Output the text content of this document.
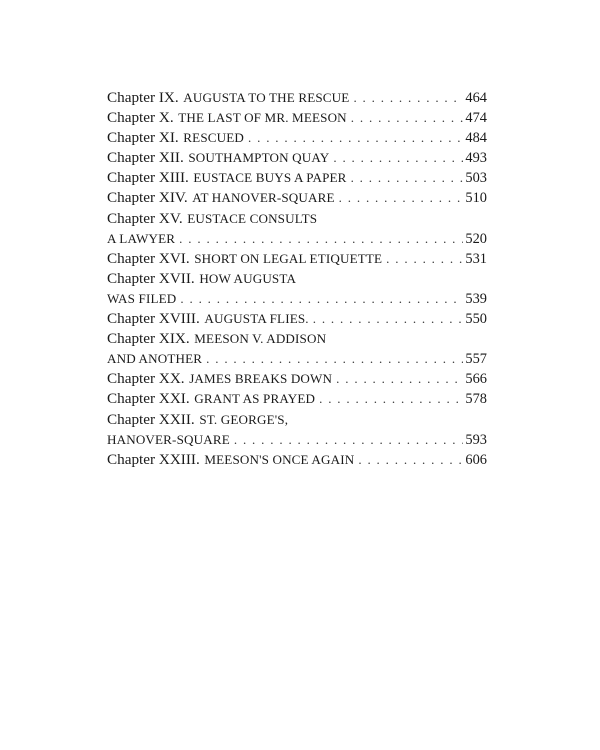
Chapter IX.
AUGUSTA TO THE RESCUE . . .	464
Chapter X.
THE LAST OF MR. MEESON . . .	474
Chapter XI.
RESCUED . . .	484
Chapter XII.
SOUTHAMPTON QUAY . . .	493
Chapter XIII.
EUSTACE BUYS A PAPER . . .	503
Chapter XIV.
AT HANOVER-SQUARE . . .	510
Chapter XV.
EUSTACE CONSULTS
A LAWYER . . .	520
Chapter XVI.
SHORT ON LEGAL ETIQUETTE . . .	531
Chapter XVII.
HOW AUGUSTA
WAS FILED . . .	539
Chapter XVIII.
AUGUSTA FLIES. . . .	550
Chapter XIX.
MEESON V. ADDISON
AND ANOTHER . . .	557
Chapter XX.
JAMES BREAKS DOWN . . .	566
Chapter XXI.
GRANT AS PRAYED . . .	578
Chapter XXII.
ST. GEORGE'S,
HANOVER-SQUARE . . .	593
Chapter XXIII.
MEESON'S ONCE AGAIN . . .	606
